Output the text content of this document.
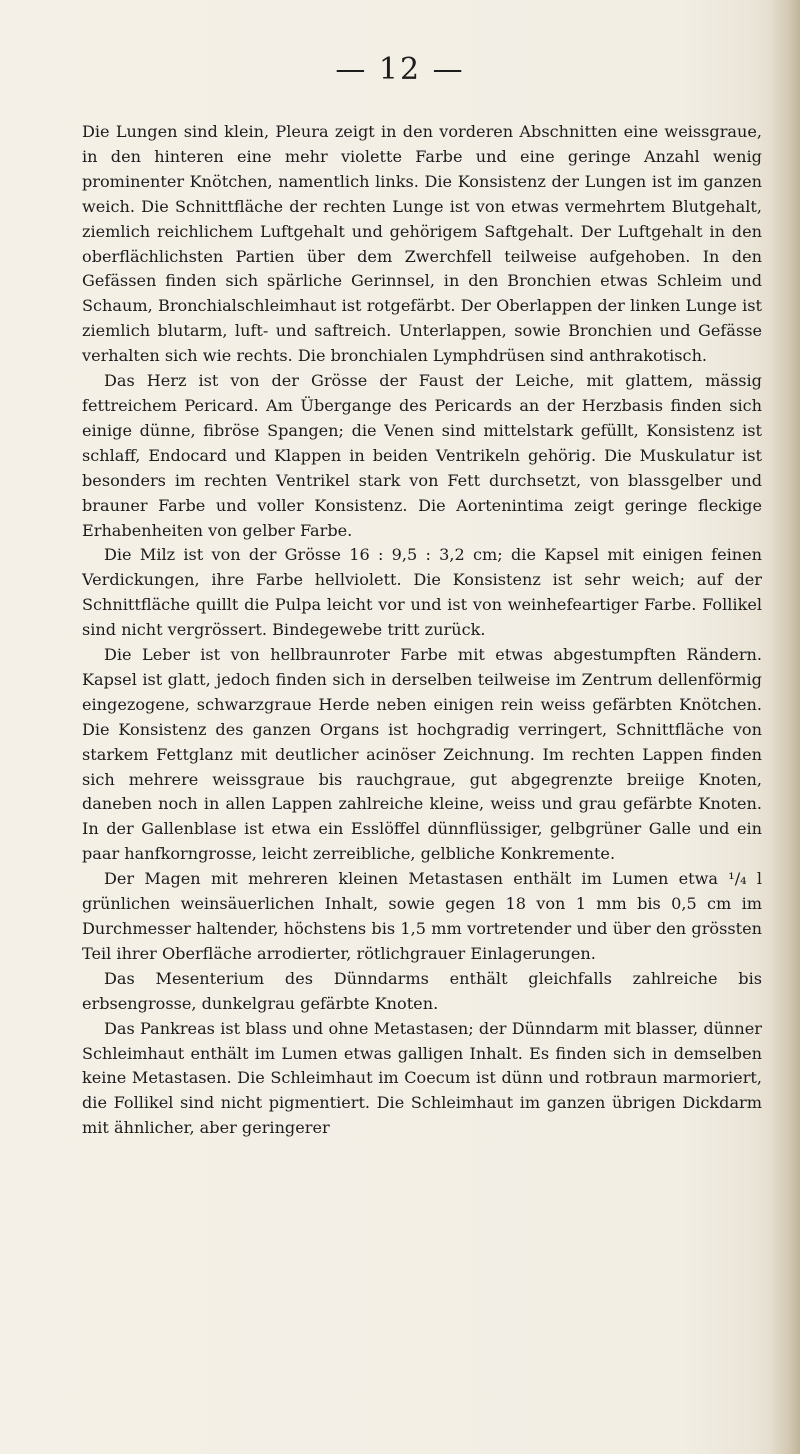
— 12 —

Die Lungen sind klein, Pleura zeigt in den vorderen Abschnitten eine weissgraue, in den hinteren eine mehr violette Farbe und eine geringe Anzahl wenig prominenter Knötchen, namentlich links. Die Konsistenz der Lungen ist im ganzen weich. Die Schnittfläche der rechten Lunge ist von etwas vermehrtem Blutgehalt, ziemlich reichlichem Luftgehalt und gehörigem Saftgehalt. Der Luftgehalt in den oberflächlichsten Partien über dem Zwerchfell teilweise aufgehoben. In den Gefässen finden sich spärliche Gerinnsel, in den Bronchien etwas Schleim und Schaum, Bronchialschleimhaut ist rotgefärbt. Der Oberlappen der linken Lunge ist ziemlich blutarm, luft- und saftreich. Unterlappen, sowie Bronchien und Gefässe verhalten sich wie rechts. Die bronchialen Lymphdrüsen sind anthrakotisch.

Das Herz ist von der Grösse der Faust der Leiche, mit glattem, mässig fettreichem Pericard. Am Übergange des Pericards an der Herzbasis finden sich einige dünne, fibröse Spangen; die Venen sind mittelstark gefüllt, Konsistenz ist schlaff, Endocard und Klappen in beiden Ventrikeln gehörig. Die Muskulatur ist besonders im rechten Ventrikel stark von Fett durchsetzt, von blassgelber und brauner Farbe und voller Konsistenz. Die Aortenintima zeigt geringe fleckige Erhabenheiten von gelber Farbe.

Die Milz ist von der Grösse 16 : 9,5 : 3,2 cm; die Kapsel mit einigen feinen Verdickungen, ihre Farbe hellviolett. Die Konsistenz ist sehr weich; auf der Schnittfläche quillt die Pulpa leicht vor und ist von weinhefeartiger Farbe. Follikel sind nicht vergrössert. Bindegewebe tritt zurück.

Die Leber ist von hellbraunroter Farbe mit etwas abgestumpften Rändern. Kapsel ist glatt, jedoch finden sich in derselben teilweise im Zentrum dellenförmig eingezogene, schwarzgraue Herde neben einigen rein weiss gefärbten Knötchen. Die Konsistenz des ganzen Organs ist hochgradig verringert, Schnittfläche von starkem Fettglanz mit deutlicher acinöser Zeichnung. Im rechten Lappen finden sich mehrere weissgraue bis rauchgraue, gut abgegrenzte breiige Knoten, daneben noch in allen Lappen zahlreiche kleine, weiss und grau gefärbte Knoten. In der Gallenblase ist etwa ein Esslöffel dünnflüssiger, gelbgrüner Galle und ein paar hanfkorngrosse, leicht zerreibliche, gelbliche Konkremente.

Der Magen mit mehreren kleinen Metastasen enthält im Lumen etwa ¹/₄ l grünlichen weinsäuerlichen Inhalt, sowie gegen 18 von 1 mm bis 0,5 cm im Durchmesser haltender, höchstens bis 1,5 mm vortretender und über den grössten Teil ihrer Oberfläche arrodierter, rötlichgrauer Einlagerungen.

Das Mesenterium des Dünndarms enthält gleichfalls zahlreiche bis erbsengrosse, dunkelgrau gefärbte Knoten.

Das Pankreas ist blass und ohne Metastasen; der Dünndarm mit blasser, dünner Schleimhaut enthält im Lumen etwas galligen Inhalt. Es finden sich in demselben keine Metastasen. Die Schleimhaut im Coecum ist dünn und rotbraun marmoriert, die Follikel sind nicht pigmentiert. Die Schleimhaut im ganzen übrigen Dickdarm mit ähnlicher, aber geringerer
